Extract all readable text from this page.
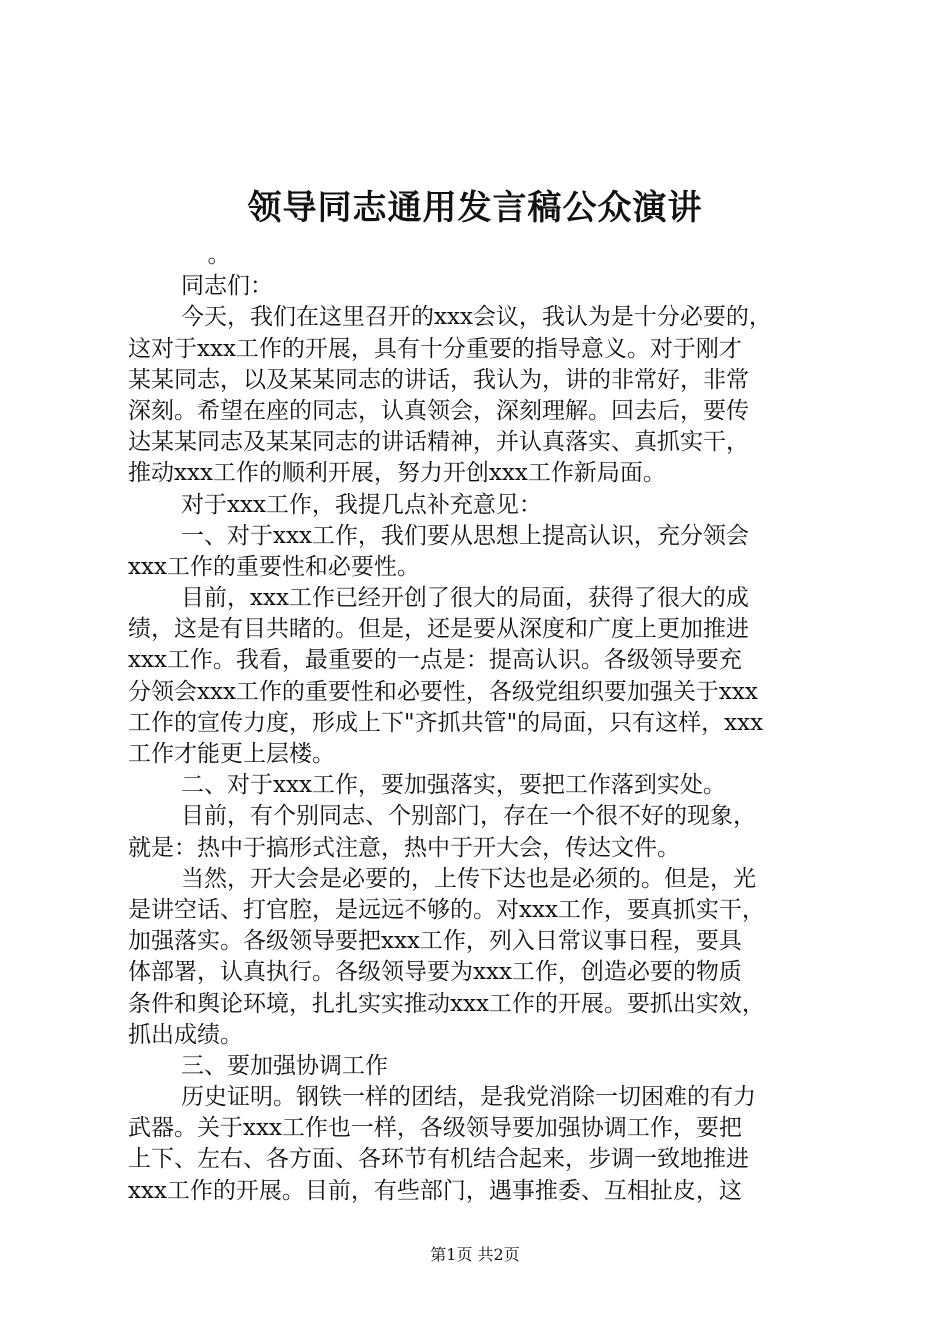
领导同志通用发言稿公众演讲
。
同志们：
今天，我们在这里召开的xxx会议，我认为是十分必要的，
这对于xxx工作的开展，具有十分重要的指导意义。对于刚才
某某同志，以及某某同志的讲话，我认为，讲的非常好，非常
深刻。希望在座的同志，认真领会，深刻理解。回去后，要传
达某某同志及某某同志的讲话精神，并认真落实、真抓实干，
推动xxx工作的顺利开展，努力开创xxx工作新局面。
对于xxx工作，我提几点补充意见：
一、对于xxx工作，我们要从思想上提高认识，充分领会
xxx工作的重要性和必要性。
目前，xxx工作已经开创了很大的局面，获得了很大的成
绩，这是有目共睹的。但是，还是要从深度和广度上更加推进
xxx工作。我看，最重要的一点是：提高认识。各级领导要充
分领会xxx工作的重要性和必要性，各级党组织要加强关于xxx
工作的宣传力度，形成上下"齐抓共管"的局面，只有这样，xxx
工作才能更上层楼。
二、对于xxx工作，要加强落实，要把工作落到实处。
目前，有个别同志、个别部门，存在一个很不好的现象，
就是：热中于搞形式注意，热中于开大会，传达文件。
当然，开大会是必要的，上传下达也是必须的。但是，光
是讲空话、打官腔，是远远不够的。对xxx工作，要真抓实干，
加强落实。各级领导要把xxx工作，列入日常议事日程，要具
体部署，认真执行。各级领导要为xxx工作，创造必要的物质
条件和舆论环境，扎扎实实推动xxx工作的开展。要抓出实效，
抓出成绩。
三、要加强协调工作
历史证明。钢铁一样的团结，是我党消除一切困难的有力
武器。关于xxx工作也一样，各级领导要加强协调工作，要把
上下、左右、各方面、各环节有机结合起来，步调一致地推进
xxx工作的开展。目前，有些部门，遇事推委、互相扯皮，这
第1页 共2页
